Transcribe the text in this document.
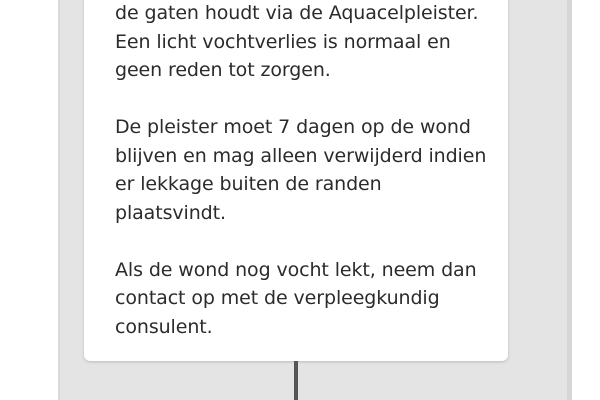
de gaten houdt via de Aquacelpleister.
Een licht vochtverlies is normaal en
geen reden tot zorgen.

De pleister moet 7 dagen op de wond
blijven en mag alleen verwijderd indien
er lekkage buiten de randen
plaatsvindt.

Als de wond nog vocht lekt, neem dan
contact op met de verpleegkundig
consulent.
